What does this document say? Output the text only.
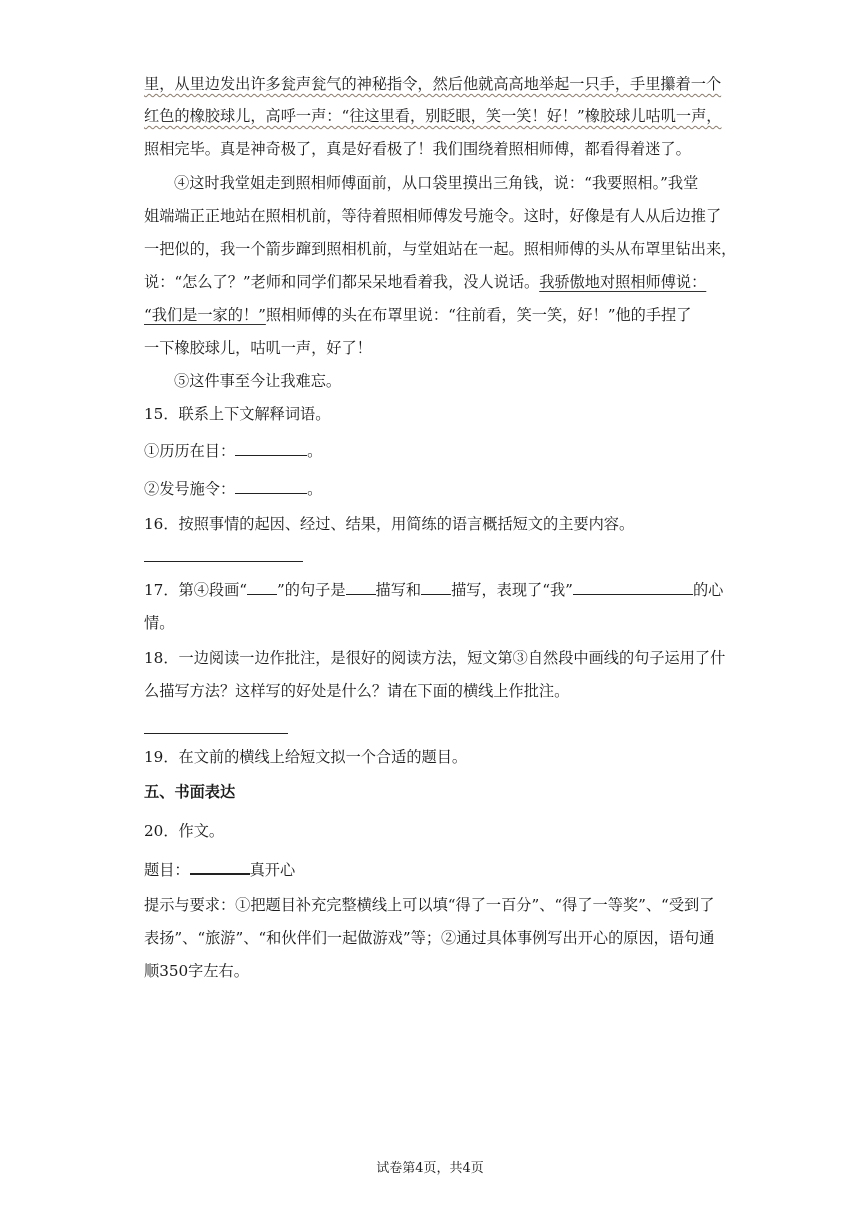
里，从里边发出许多瓮声瓮气的神秘指令，然后他就高高地举起一只手，手里攥着一个
红色的橡胶球儿，高呼一声：“往这里看，别眨眼，笑一笑！好！”橡胶球儿咕叽一声，
照相完毕。真是神奇极了，真是好看极了！我们围绕着照相师傅，都看得着迷了。
④这时我堂姐走到照相师傅面前，从口袋里摸出三角钱，说：“我要照相。”我堂
姐端端正正地站在照相机前，等待着照相师傅发号施令。这时，好像是有人从后边推了
一把似的，我一个箭步蹿到照相机前，与堂姐站在一起。照相师傅的头从布罩里钻出来，
说：“怎么了？”老师和同学们都呆呆地看着我，没人说话。我骄傲地对照相师傅说：
“我们是一家的！”照相师傅的头在布罩里说：“往前看，笑一笑，好！”他的手捏了
一下橡胶球儿，咕叽一声，好了！
⑤这件事至今让我难忘。
15．联系上下文解释词语。
①历历在目：	。
②发号施令：	。
16．按照事情的起因、经过、结果，用简练的语言概括短文的主要内容。
17．第④段画“ ”的句子是 描写和 描写，表现了“我”	的心
情。
18．一边阅读一边作批注，是很好的阅读方法，短文第③自然段中画线的句子运用了什
么描写方法？这样写的好处是什么？请在下面的横线上作批注。
19．在文前的横线上给短文拟一个合适的题目。
五、书面表达
20．作文。
题目：	真开心
提示与要求：①把题目补充完整横线上可以填“得了一百分”、“得了一等奖”、“受到了
表扬”、“旅游”、“和伙伴们一起做游戏”等；②通过具体事例写出开心的原因，语句通
顺350字左右。
试卷第4页，共4页
